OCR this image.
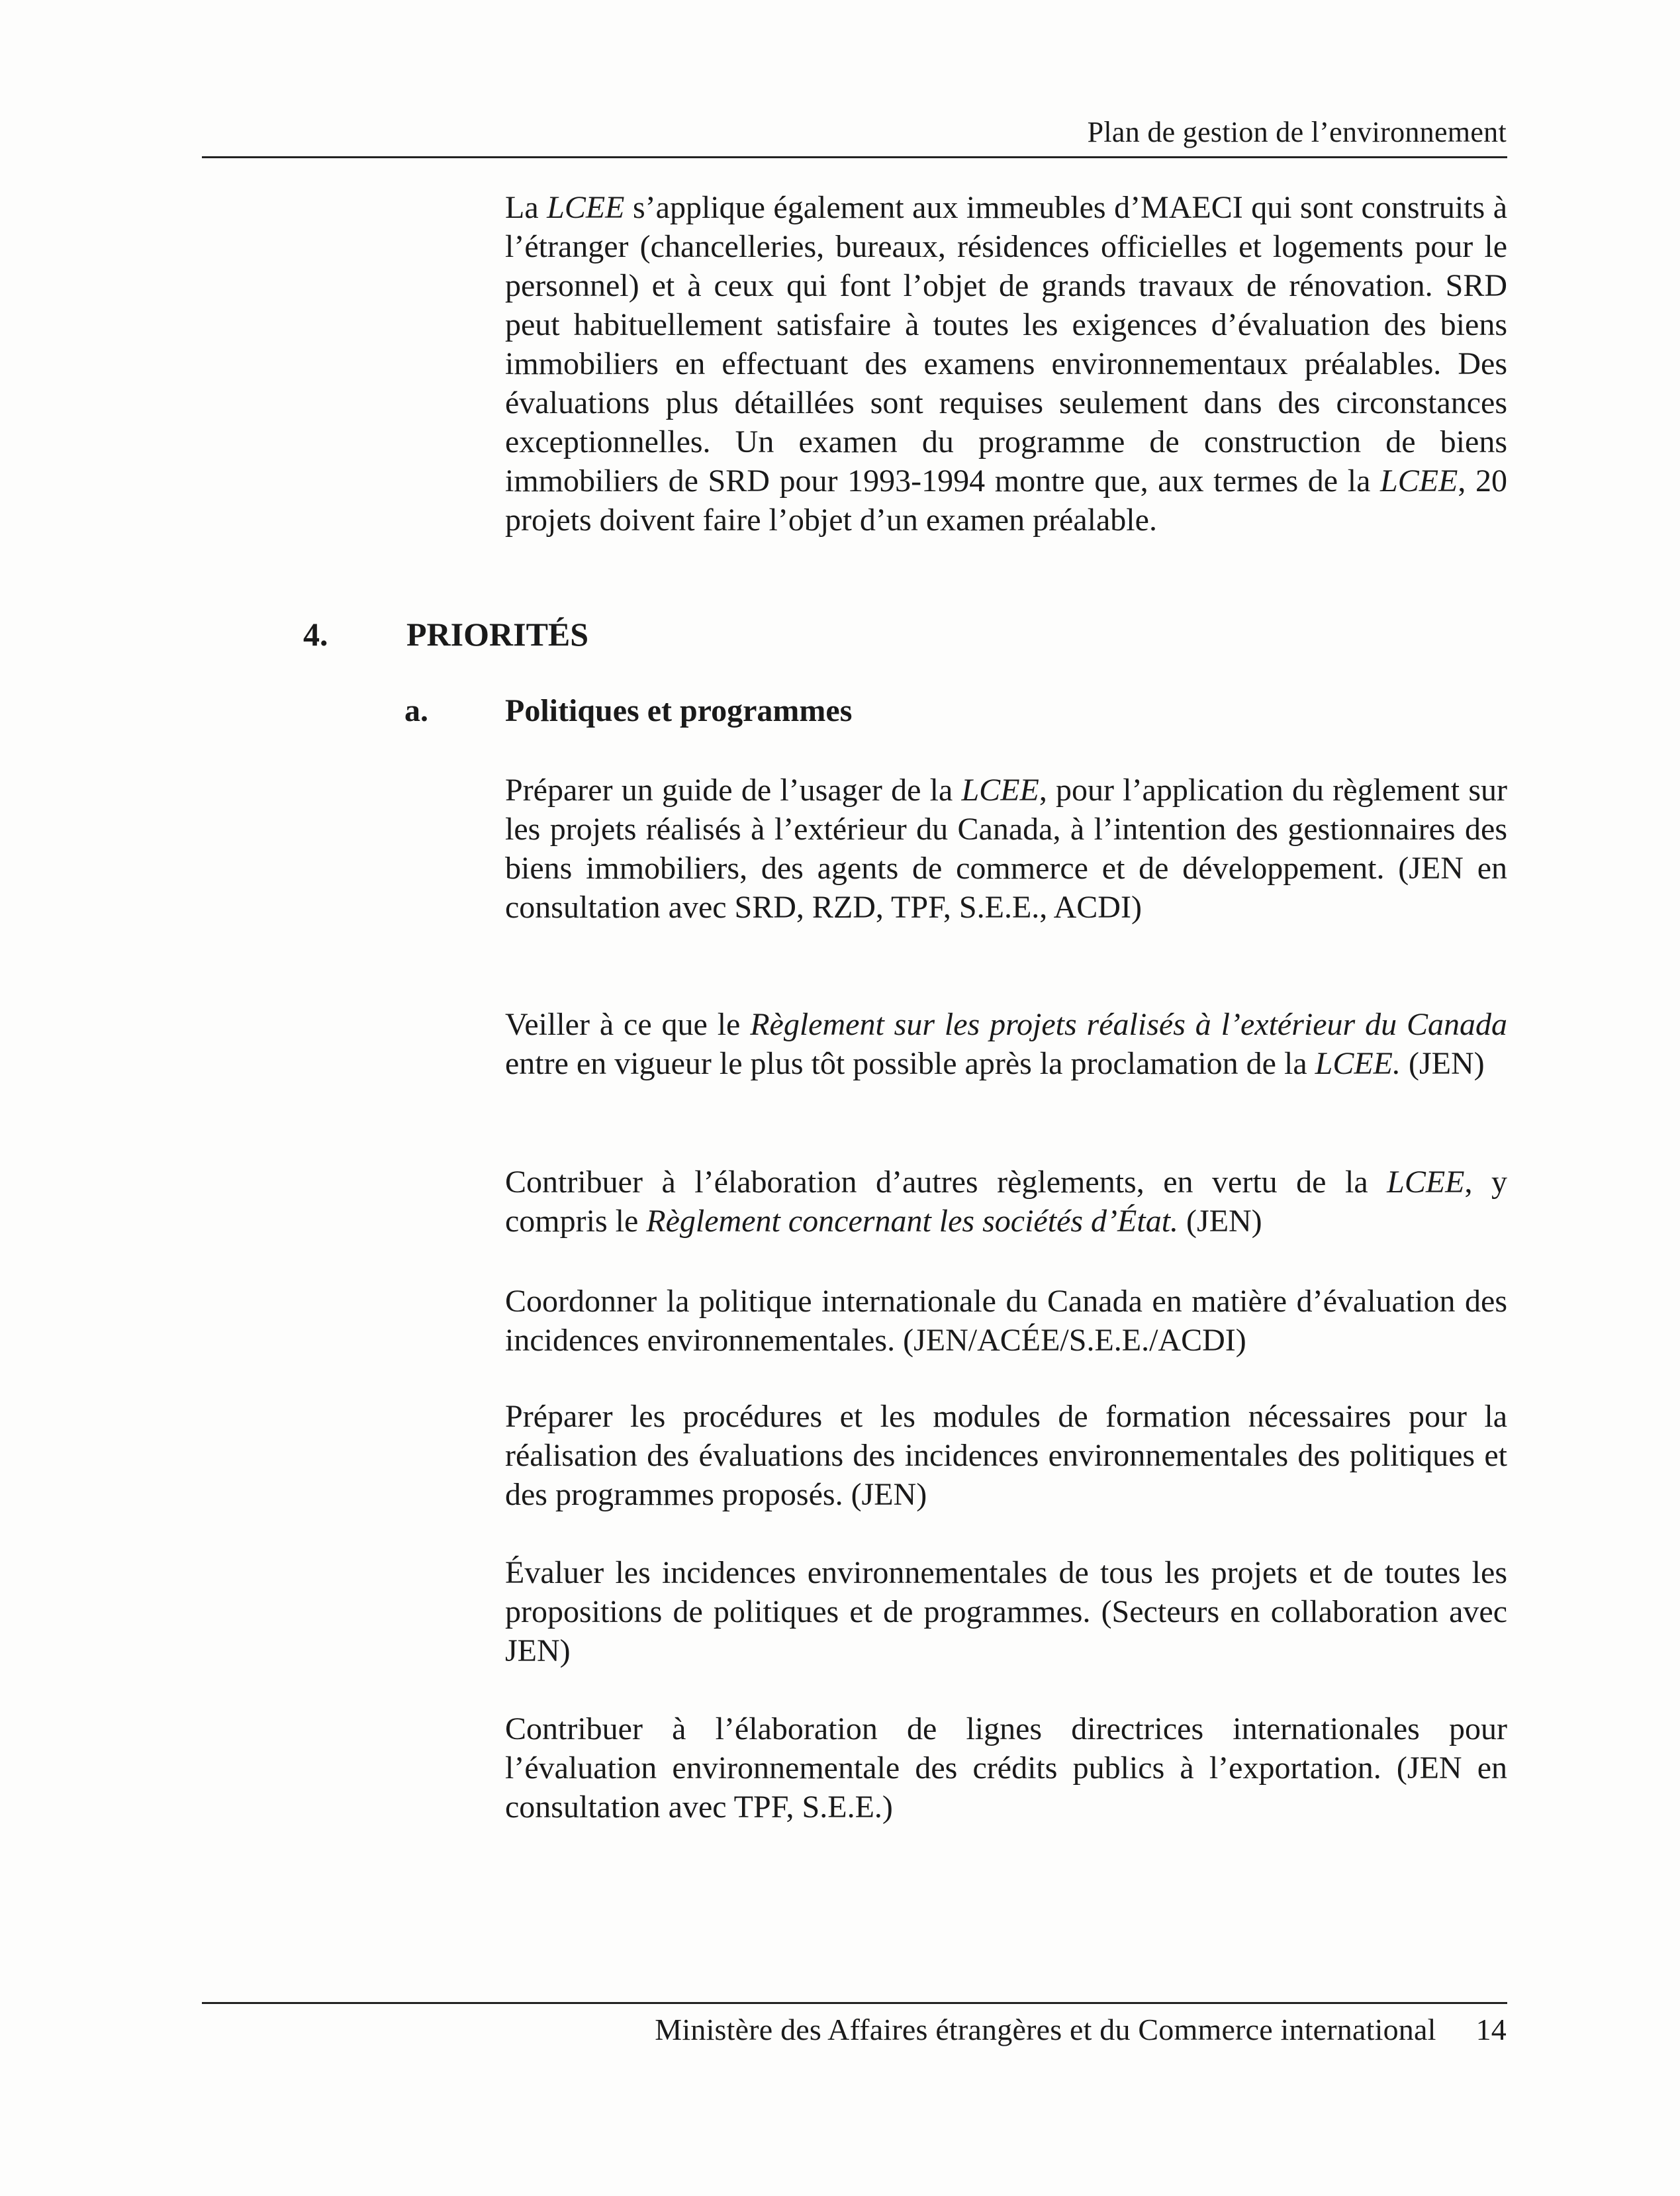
Plan de gestion de l’environnement

La LCEE s’applique également aux immeubles d’MAECI qui sont construits à l’étranger (chancelleries, bureaux, résidences officielles et logements pour le personnel) et à ceux qui font l’objet de grands travaux de rénovation. SRD peut habituellement satisfaire à toutes les exigences d’évaluation des biens immobiliers en effectuant des examens environnementaux préalables. Des évaluations plus détaillées sont requises seulement dans des circonstances exceptionnelles. Un examen du programme de construction de biens immobiliers de SRD pour 1993-1994 montre que, aux termes de la LCEE, 20 projets doivent faire l’objet d’un examen préalable.

4. PRIORITÉS
a. Politiques et programmes

Préparer un guide de l’usager de la LCEE, pour l’application du règlement sur les projets réalisés à l’extérieur du Canada, à l’intention des gestionnaires des biens immobiliers, des agents de commerce et de développement. (JEN en consultation avec SRD, RZD, TPF, S.E.E., ACDI)

Veiller à ce que le Règlement sur les projets réalisés à l’extérieur du Canada entre en vigueur le plus tôt possible après la proclamation de la LCEE. (JEN)

Contribuer à l’élaboration d’autres règlements, en vertu de la LCEE, y compris le Règlement concernant les sociétés d’État. (JEN)

Coordonner la politique internationale du Canada en matière d’évaluation des incidences environnementales. (JEN/ACÉE/S.E.E./ACDI)

Préparer les procédures et les modules de formation nécessaires pour la réalisation des évaluations des incidences environnementales des politiques et des programmes proposés. (JEN)

Évaluer les incidences environnementales de tous les projets et de toutes les propositions de politiques et de programmes. (Secteurs en collaboration avec JEN)

Contribuer à l’élaboration de lignes directrices internationales pour l’évaluation environnementale des crédits publics à l’exportation. (JEN en consultation avec TPF, S.E.E.)

Ministère des Affaires étrangères et du Commerce international 14
